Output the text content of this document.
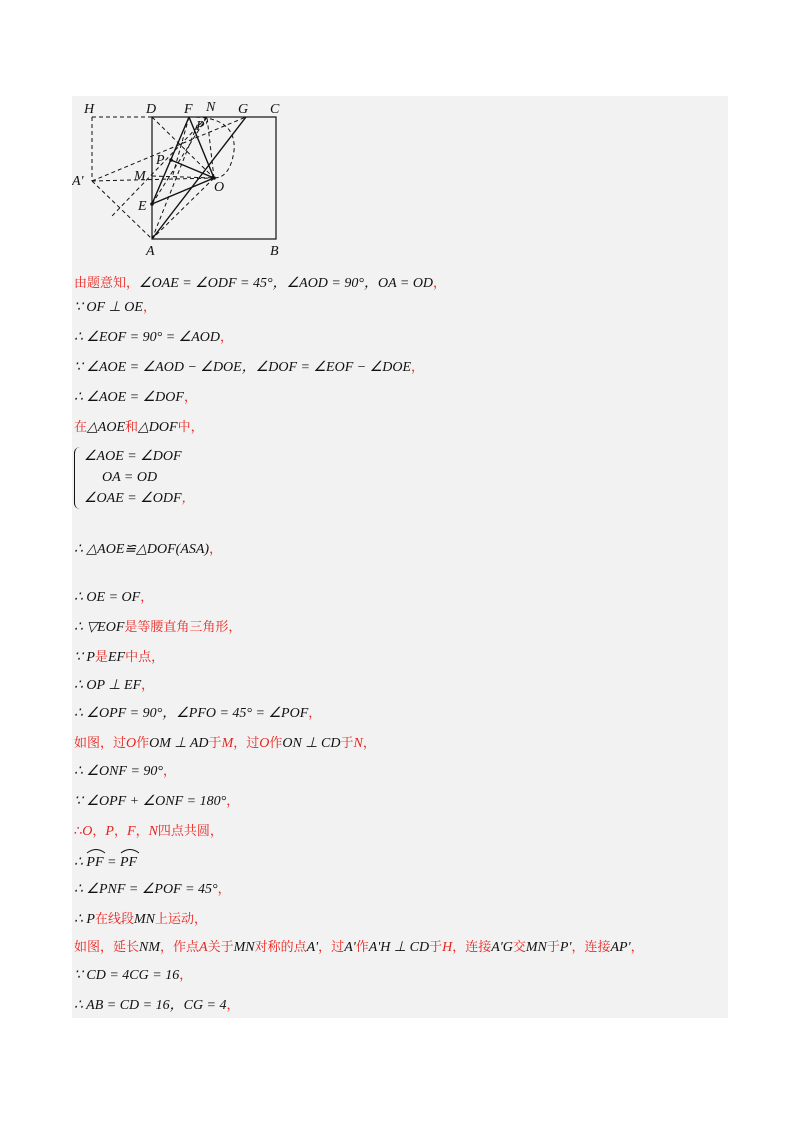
H	D F N G C
P'
P
A'	M
O
E
A	B
由题意知，∠OAE = ∠ODF = 45°，∠AOD = 90°，OA = OD，
∵ OF ⊥ OE，
∴ ∠EOF = 90° = ∠AOD，
∵ ∠AOE = ∠AOD − ∠DOE，∠DOF = ∠EOF − ∠DOE，
∴ ∠AOE = ∠DOF，
在△AOE和△DOF中，
∴ △AOE≌△DOF(ASA)，
∴ OE = OF，
∴ ▽EOF是等腰直角三角形，
∵ P是EF中点，
∴ OP ⊥ EF，
∴ ∠OPF = 90°，∠PFO = 45° = ∠POF，
如图，过O作OM ⊥ AD于M，过O作ON ⊥ CD于N，
∴ ∠ONF = 90°，
∵ ∠OPF + ∠ONF = 180°，
∴O，P，F，N四点共圆，
∴ ∠PNF = ∠POF = 45°，
∴ P在线段MN上运动，
如图，延长NM，作点A关于MN对称的点A'，过A'作A'H ⊥ CD于H，连接A'G交MN于P'，连接AP'，
∵ CD = 4CG = 16，
∴ AB = CD = 16，CG = 4，
∠AOE = ∠DOF
OA = OD
∠OAE = ∠ODF，
∴
PF =
PF
